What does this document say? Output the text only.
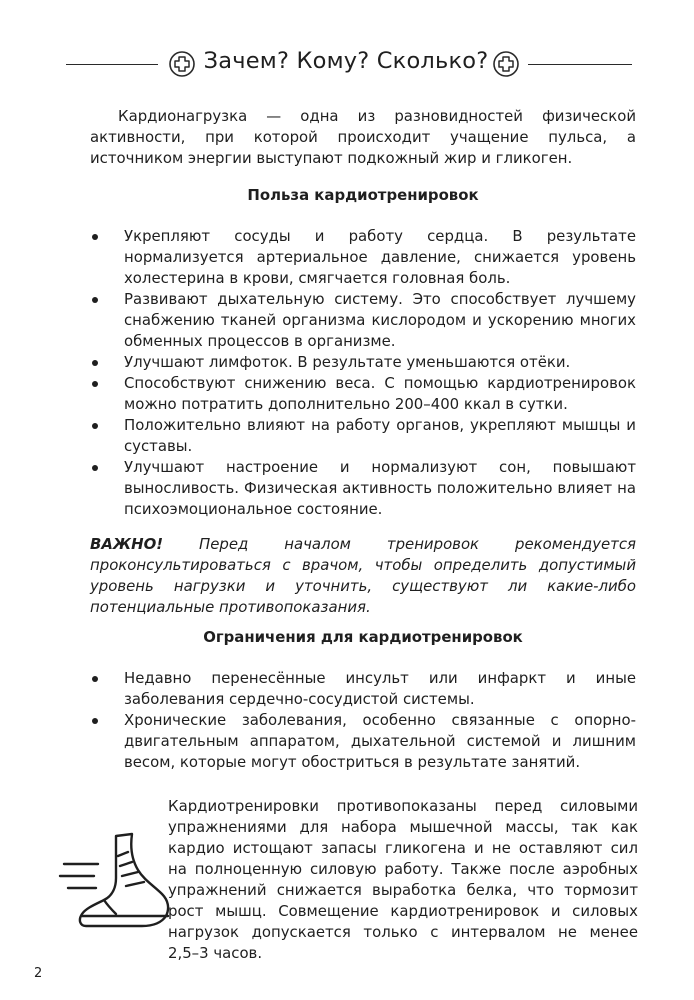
Зачем? Кому? Сколько?

Кардионагрузка — одна из разновидностей физической активности, при которой происходит учащение пульса, а источником энергии выступают подкожный жир и гликоген.

Польза кардиотренировок
Укрепляют сосуды и работу сердца. В результате нормализуется артериальное давление, снижается уровень холестерина в крови, смягчается головная боль.
Развивают дыхательную систему. Это способствует лучшему снабжению тканей организма кислородом и ускорению многих обменных процессов в организме.
Улучшают лимфоток. В результате уменьшаются отёки.
Способствуют снижению веса. С помощью кардиотренировок можно потратить дополнительно 200–400 ккал в сутки.
Положительно влияют на работу органов, укрепляют мышцы и суставы.
Улучшают настроение и нормализуют сон, повышают выносливость. Физическая активность положительно влияет на психоэмоциональное состояние.
ВАЖНО! Перед началом тренировок рекомендуется проконсультироваться с врачом, чтобы определить допустимый уровень нагрузки и уточнить, существуют ли какие-либо потенциальные противопоказания.
Ограничения для кардиотренировок
Недавно перенесённые инсульт или инфаркт и иные заболевания сердечно-сосудистой системы.
Хронические заболевания, особенно связанные с опорно-двигательным аппаратом, дыхательной системой и лишним весом, которые могут обостриться в результате занятий.
Кардиотренировки противопоказаны перед силовыми
упражнениями для набора мышечной массы, так как
кардио истощают запасы гликогена и не оставляют сил
на полноценную силовую работу. Также после аэробных
упражнений снижается выработка белка, что тормозит
рост мышц. Совмещение кардиотренировок и силовых
нагрузок допускается только с интервалом не менее
2,5–3 часов.
2
